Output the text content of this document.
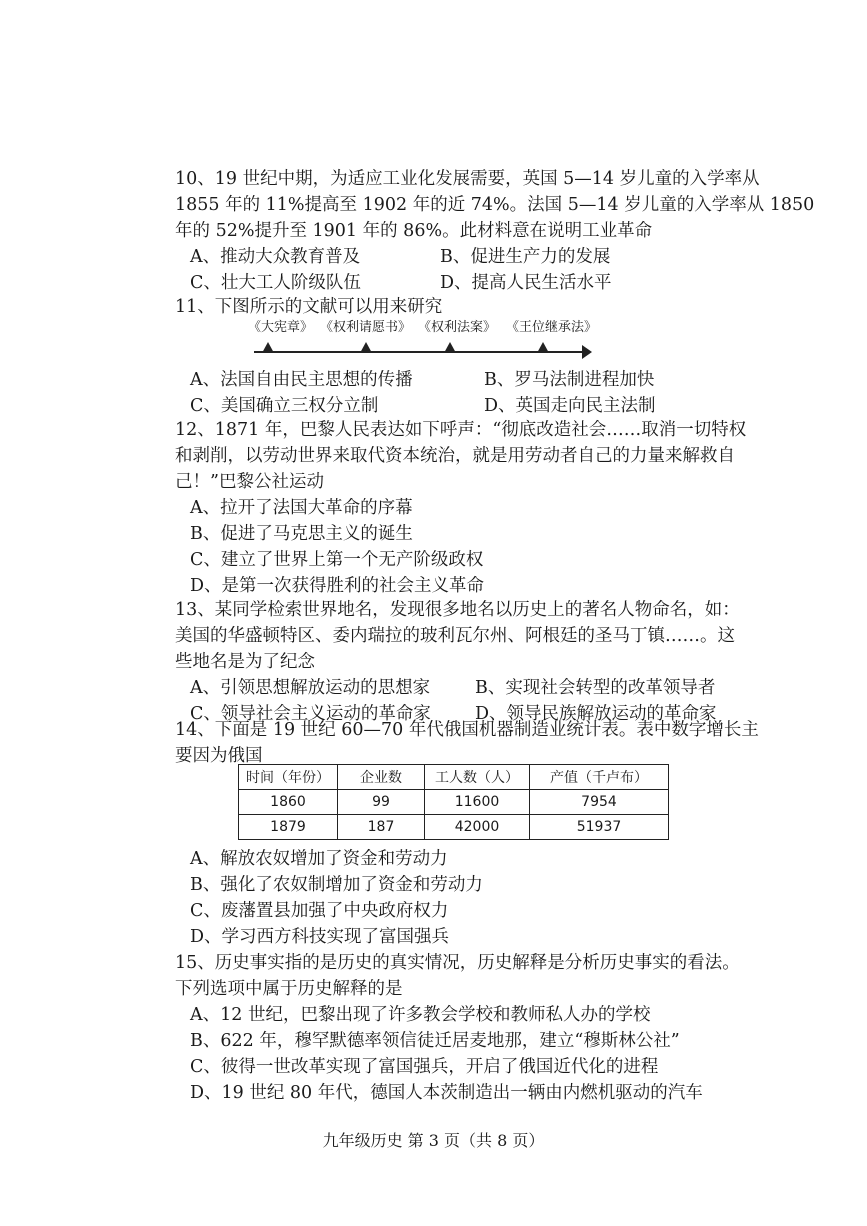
10、19 世纪中期，为适应工业化发展需要，英国 5—14 岁儿童的入学率从
1855 年的 11%提高至 1902 年的近 74%。法国 5—14 岁儿童的入学率从 1850
年的 52%提升至 1901 年的 86%。此材料意在说明工业革命
A、推动大众教育普及	B、促进生产力的发展
C、壮大工人阶级队伍	D、提高人民生活水平
11、下图所示的文献可以用来研究
《大宪章》 《权利请愿书》 《权利法案》 《王位继承法》
A、法国自由民主思想的传播	B、罗马法制进程加快
C、美国确立三权分立制	D、英国走向民主法制
12、1871 年，巴黎人民表达如下呼声：“彻底改造社会……取消一切特权
和剥削，以劳动世界来取代资本统治，就是用劳动者自己的力量来解救自
己！”巴黎公社运动
A、拉开了法国大革命的序幕
B、促进了马克思主义的诞生
C、建立了世界上第一个无产阶级政权
D、是第一次获得胜利的社会主义革命
13、某同学检索世界地名，发现很多地名以历史上的著名人物命名，如：
美国的华盛顿特区、委内瑞拉的玻利瓦尔州、阿根廷的圣马丁镇……。这
些地名是为了纪念
A、引领思想解放运动的思想家	B、实现社会转型的改革领导者
C、领导社会主义运动的革命家	D、领导民族解放运动的革命家
14、下面是 19 世纪 60—70 年代俄国机器制造业统计表。表中数字增长主
要因为俄国
时间（年份）	企业数	工人数（人）	产值（千卢布）
1860	99	11600	7954
1879	187	42000	51937
A、解放农奴增加了资金和劳动力
B、强化了农奴制增加了资金和劳动力
C、废藩置县加强了中央政府权力
D、学习西方科技实现了富国强兵
15、历史事实指的是历史的真实情况，历史解释是分析历史事实的看法。
下列选项中属于历史解释的是
A、12 世纪，巴黎出现了许多教会学校和教师私人办的学校
B、622 年，穆罕默德率领信徒迁居麦地那，建立“穆斯林公社”
C、彼得一世改革实现了富国强兵，开启了俄国近代化的进程
D、19 世纪 80 年代，德国人本茨制造出一辆由内燃机驱动的汽车
九年级历史 第 3 页（共 8 页）
